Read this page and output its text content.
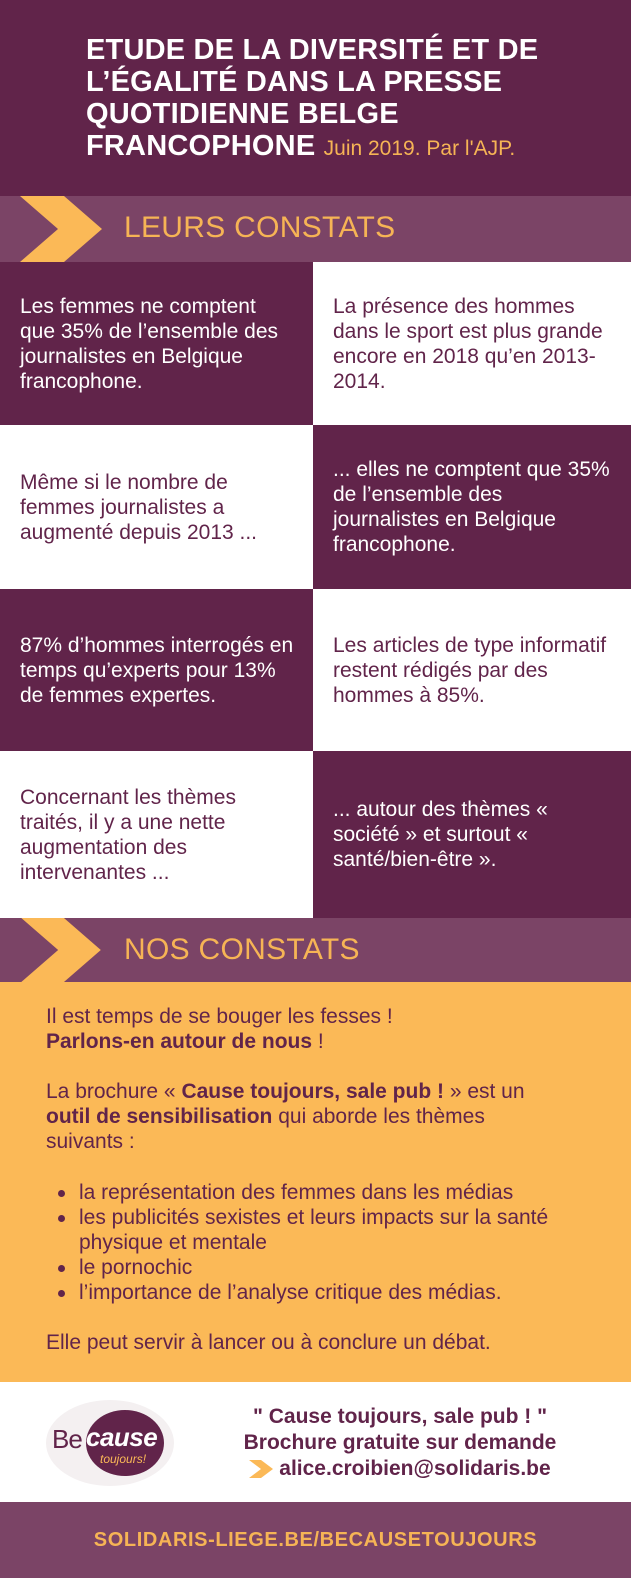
ETUDE DE LA DIVERSITÉ ET DE L’ÉGALITÉ DANS LA PRESSE QUOTIDIENNE BELGE FRANCOPHONE Juin 2019. Par l'AJP.
LEURS CONSTATS
Les femmes ne comptent que 35% de l’ensemble des journalistes en Belgique francophone.
La présence des hommes dans le sport est plus grande encore en 2018 qu’en 2013-2014.
Même si le nombre de femmes journalistes a augmenté depuis 2013 ...
... elles ne comptent que 35% de l’ensemble des journalistes en Belgique francophone.
87% d’hommes interrogés en temps qu’experts pour 13% de femmes expertes.
Les articles de type informatif restent rédigés par des hommes à 85%.
Concernant les thèmes traités, il y a une nette augmentation des intervenantes ...
... autour des thèmes « société » et surtout « santé/bien-être ».
NOS CONSTATS

Il est temps de se bouger les fesses !

Parlons-en autour de nous !

La brochure « Cause toujours, sale pub ! » est un outil de sensibilisation qui aborde les thèmes suivants :

la représentation des femmes dans les médias
les publicités sexistes et leurs impacts sur la santé physique et mentale
le pornochic
l’importance de l’analyse critique des médias.

Elle peut servir à lancer ou à conclure un débat.

Be cause
toujours!
" Cause toujours, sale pub ! "
Brochure gratuite sur demande
alice.croibien@solidaris.be
SOLIDARIS-LIEGE.BE/BECAUSETOUJOURS
